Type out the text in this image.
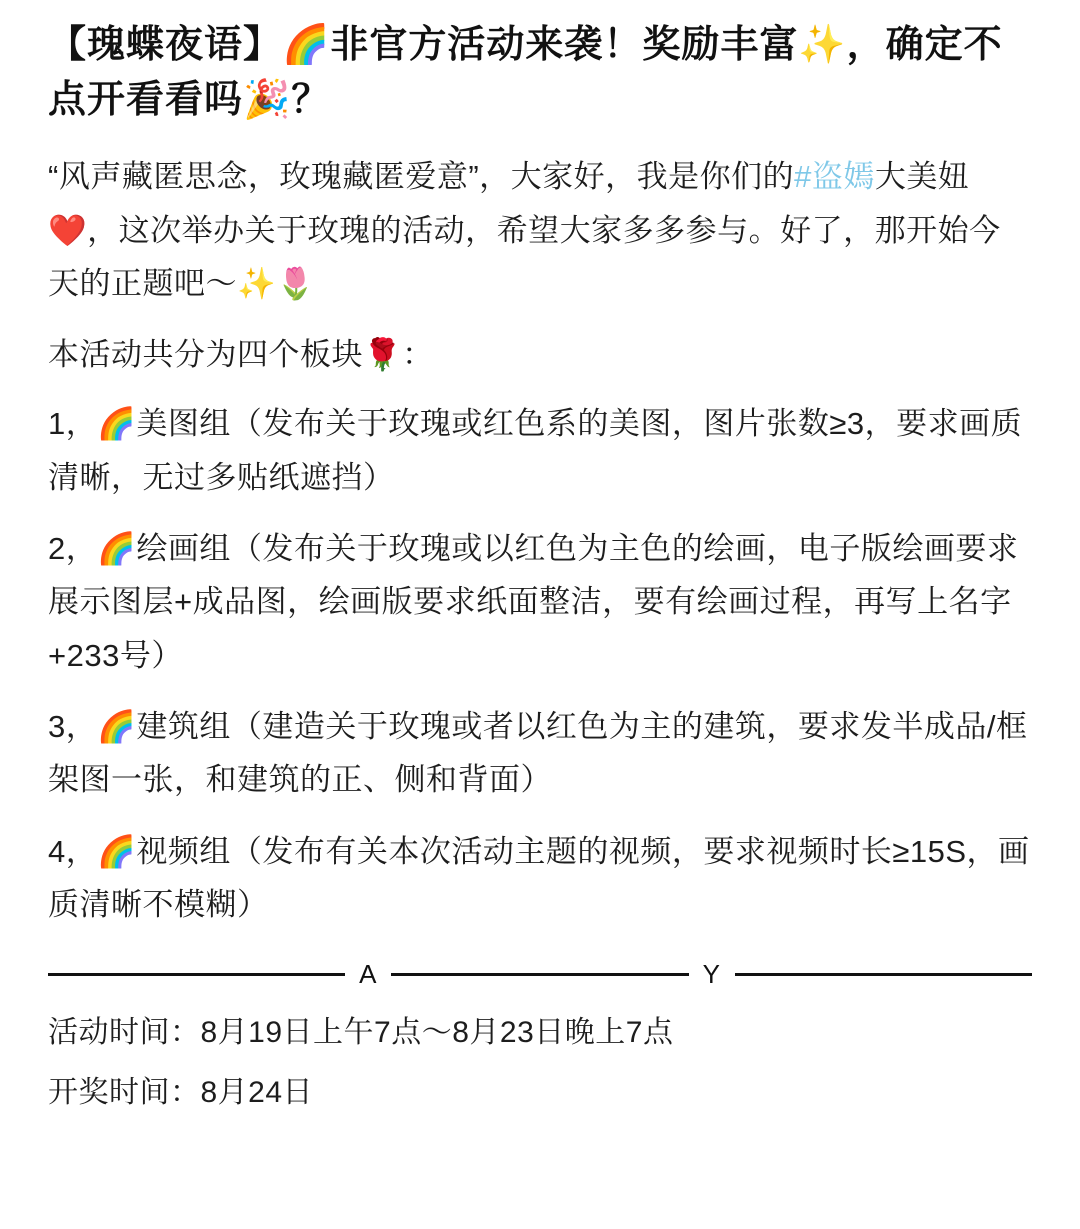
【瑰蝶夜语】🌈非官方活动来袭！奖励丰富✨，确定不点开看看吗🎉？

“风声藏匿思念，玫瑰藏匿爱意”，大家好，我是你们的#盗嫣大美妞❤️，这次举办关于玫瑰的活动，希望大家多多参与。好了，那开始今天的正题吧～✨🌷

本活动共分为四个板块🌹：

1，🌈美图组（发布关于玫瑰或红色系的美图，图片张数≥3，要求画质清晰，无过多贴纸遮挡）

2，🌈绘画组（发布关于玫瑰或以红色为主色的绘画，电子版绘画要求展示图层+成品图，绘画版要求纸面整洁，要有绘画过程，再写上名字+233号）

3，🌈建筑组（建造关于玫瑰或者以红色为主的建筑，要求发半成品/框架图一张，和建筑的正、侧和背面）

4，🌈视频组（发布有关本次活动主题的视频，要求视频时长≥15S，画质清晰不模糊）

A	Y

活动时间：8月19日上午7点～8月23日晚上7点

开奖时间：8月24日
